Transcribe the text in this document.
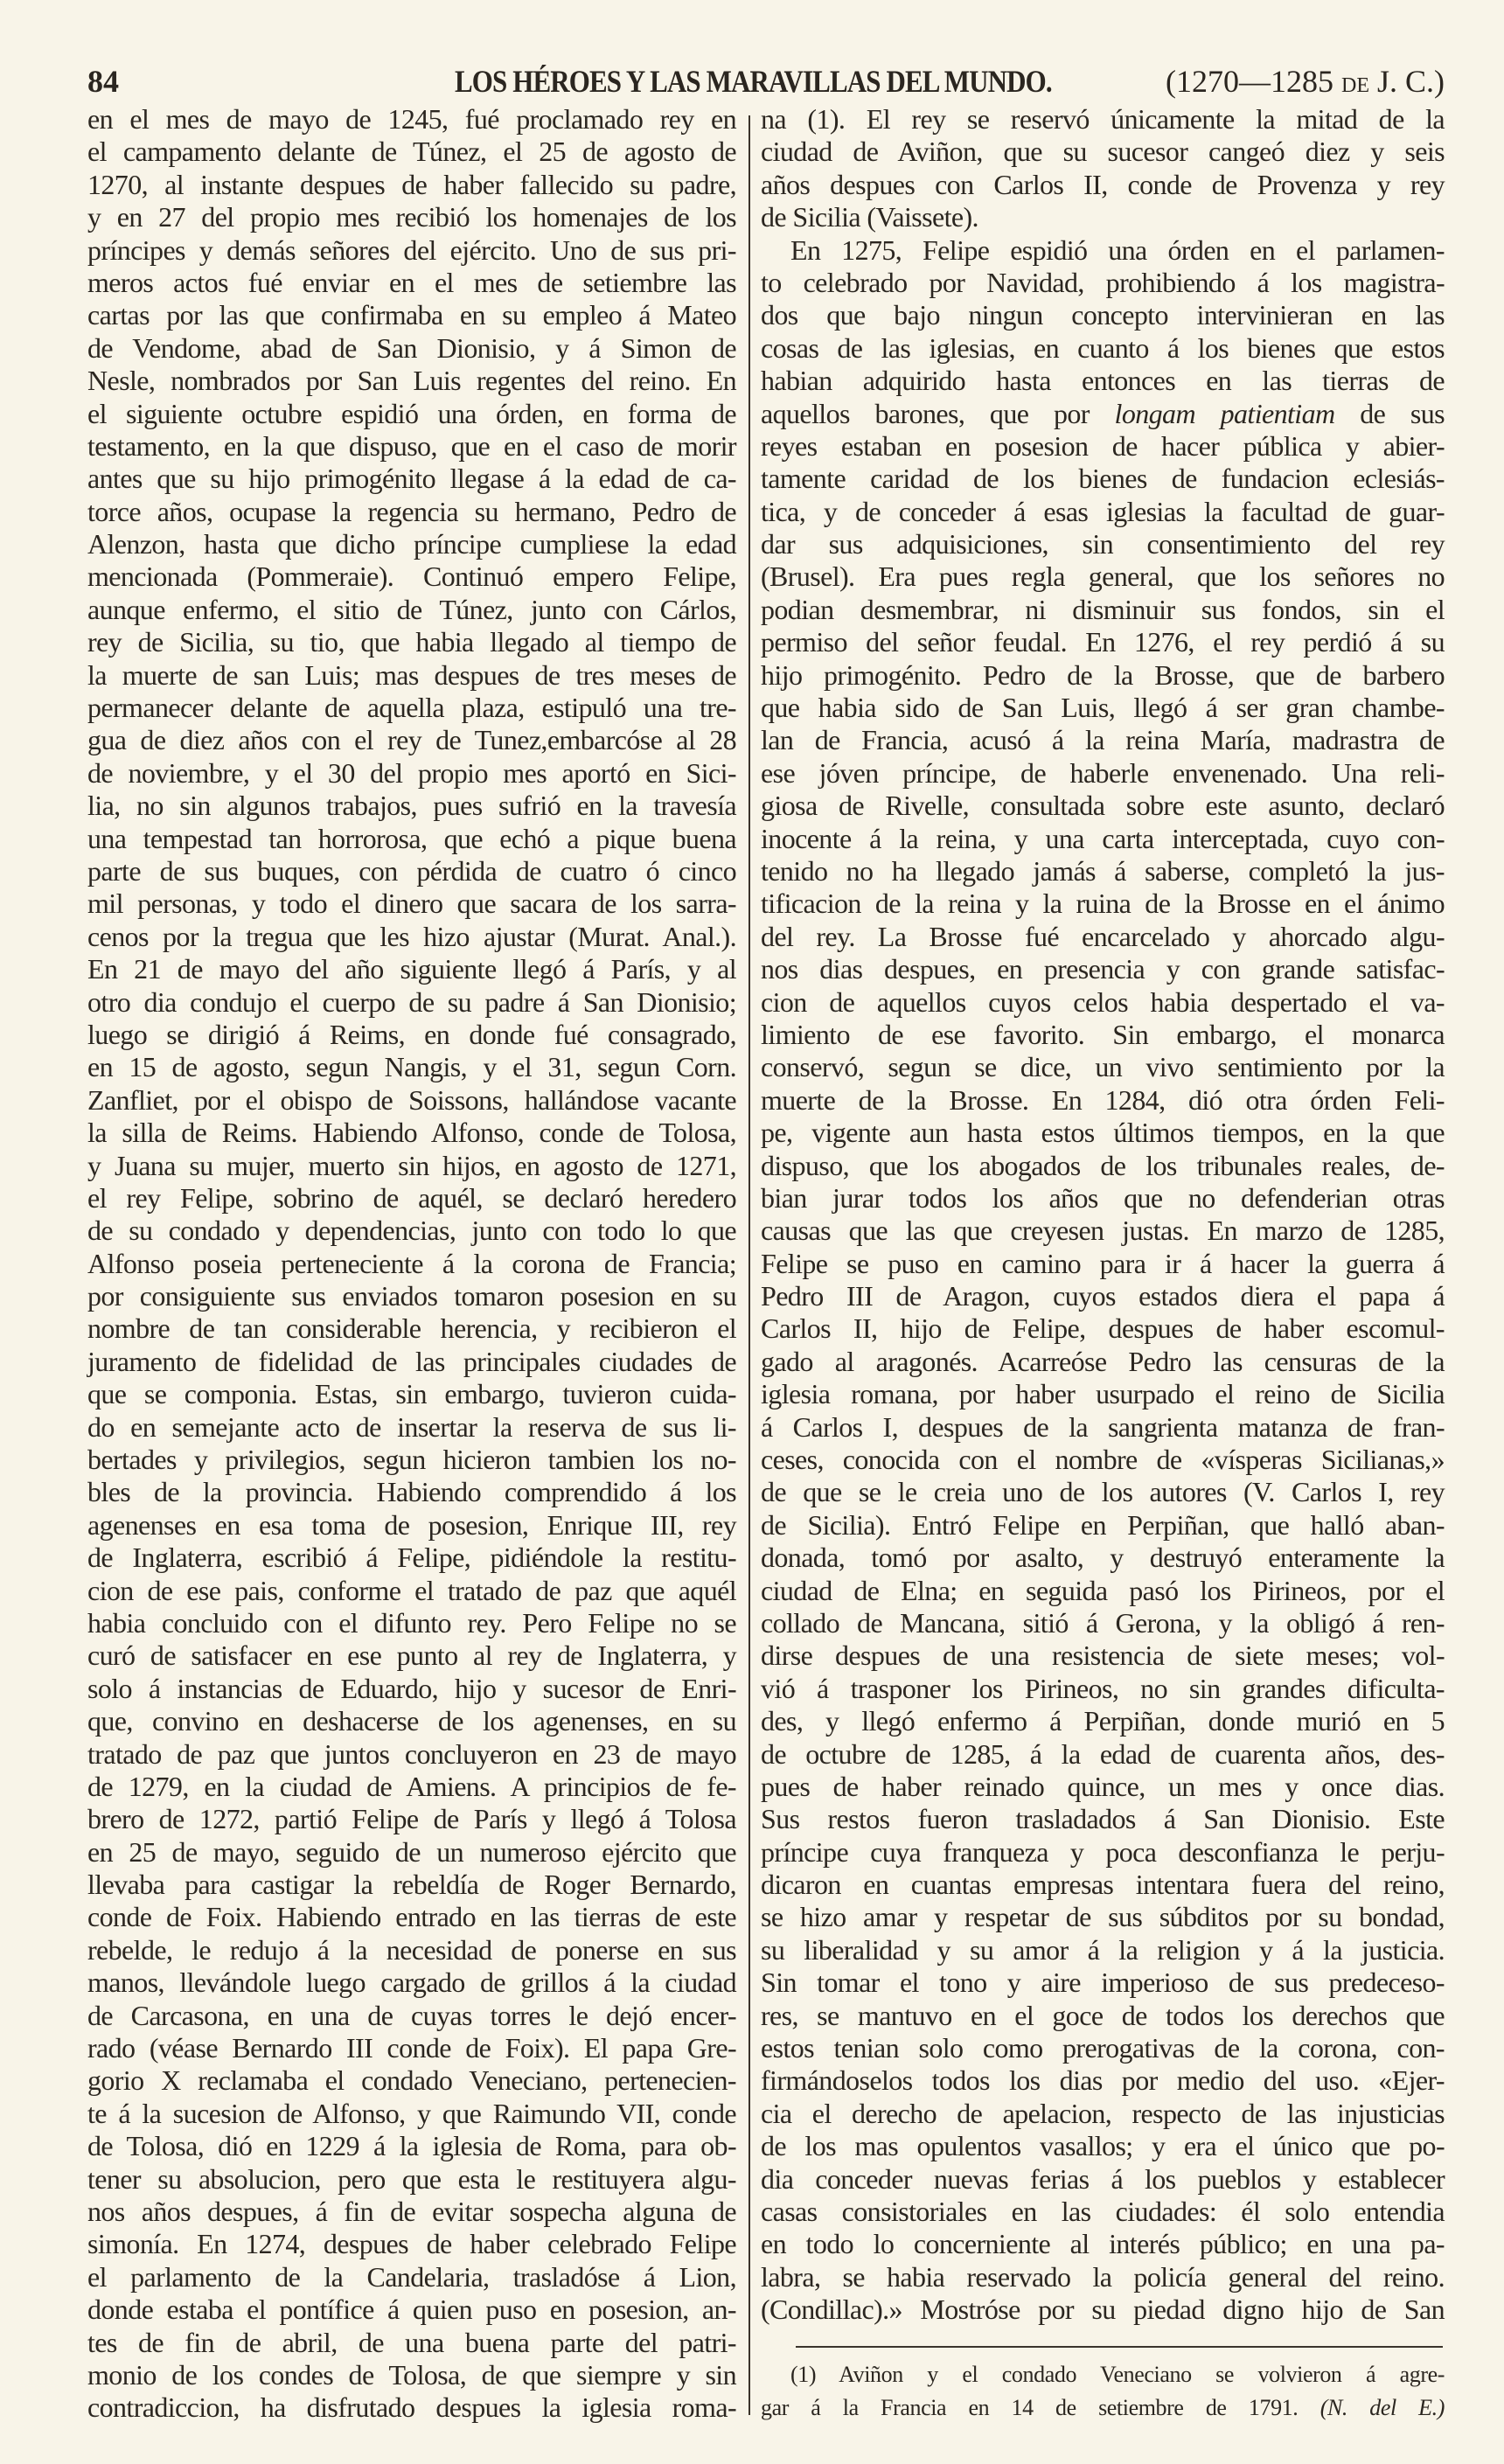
84	LOS HÉROES Y LAS MARAVILLAS DEL MUNDO.	(1270—1285 DE J. C.)
en el mes de mayo de 1245, fué proclamado rey en
el campamento delante de Túnez, el 25 de agosto de
1270, al instante despues de haber fallecido su padre,
y en 27 del propio mes recibió los homenajes de los
príncipes y demás señores del ejército. Uno de sus pri-
meros actos fué enviar en el mes de setiembre las
cartas por las que confirmaba en su empleo á Mateo
de Vendome, abad de San Dionisio, y á Simon de
Nesle, nombrados por San Luis regentes del reino. En
el siguiente octubre espidió una órden, en forma de
testamento, en la que dispuso, que en el caso de morir
antes que su hijo primogénito llegase á la edad de ca-
torce años, ocupase la regencia su hermano, Pedro de
Alenzon, hasta que dicho príncipe cumpliese la edad
mencionada (Pommeraie). Continuó empero Felipe,
aunque enfermo, el sitio de Túnez, junto con Cárlos,
rey de Sicilia, su tio, que habia llegado al tiempo de
la muerte de san Luis; mas despues de tres meses de
permanecer delante de aquella plaza, estipuló una tre-
gua de diez años con el rey de Tunez,embarcóse al 28
de noviembre, y el 30 del propio mes aportó en Sici-
lia, no sin algunos trabajos, pues sufrió en la travesía
una tempestad tan horrorosa, que echó a pique buena
parte de sus buques, con pérdida de cuatro ó cinco
mil personas, y todo el dinero que sacara de los sarra-
cenos por la tregua que les hizo ajustar (Murat. Anal.).
En 21 de mayo del año siguiente llegó á París, y al
otro dia condujo el cuerpo de su padre á San Dionisio;
luego se dirigió á Reims, en donde fué consagrado,
en 15 de agosto, segun Nangis, y el 31, segun Corn.
Zanfliet, por el obispo de Soissons, hallándose vacante
la silla de Reims. Habiendo Alfonso, conde de Tolosa,
y Juana su mujer, muerto sin hijos, en agosto de 1271,
el rey Felipe, sobrino de aquél, se declaró heredero
de su condado y dependencias, junto con todo lo que
Alfonso poseia perteneciente á la corona de Francia;
por consiguiente sus enviados tomaron posesion en su
nombre de tan considerable herencia, y recibieron el
juramento de fidelidad de las principales ciudades de
que se componia. Estas, sin embargo, tuvieron cuida-
do en semejante acto de insertar la reserva de sus li-
bertades y privilegios, segun hicieron tambien los no-
bles de la provincia. Habiendo comprendido á los
agenenses en esa toma de posesion, Enrique III, rey
de Inglaterra, escribió á Felipe, pidiéndole la restitu-
cion de ese pais, conforme el tratado de paz que aquél
habia concluido con el difunto rey. Pero Felipe no se
curó de satisfacer en ese punto al rey de Inglaterra, y
solo á instancias de Eduardo, hijo y sucesor de Enri-
que, convino en deshacerse de los agenenses, en su
tratado de paz que juntos concluyeron en 23 de mayo
de 1279, en la ciudad de Amiens. A principios de fe-
brero de 1272, partió Felipe de París y llegó á Tolosa
en 25 de mayo, seguido de un numeroso ejército que
llevaba para castigar la rebeldía de Roger Bernardo,
conde de Foix. Habiendo entrado en las tierras de este
rebelde, le redujo á la necesidad de ponerse en sus
manos, llevándole luego cargado de grillos á la ciudad
de Carcasona, en una de cuyas torres le dejó encer-
rado (véase Bernardo III conde de Foix). El papa Gre-
gorio X reclamaba el condado Veneciano, pertenecien-
te á la sucesion de Alfonso, y que Raimundo VII, conde
de Tolosa, dió en 1229 á la iglesia de Roma, para ob-
tener su absolucion, pero que esta le restituyera algu-
nos años despues, á fin de evitar sospecha alguna de
simonía. En 1274, despues de haber celebrado Felipe
el parlamento de la Candelaria, trasladóse á Lion,
donde estaba el pontífice á quien puso en posesion, an-
tes de fin de abril, de una buena parte del patri-
monio de los condes de Tolosa, de que siempre y sin
contradiccion, ha disfrutado despues la iglesia roma-
na (1). El rey se reservó únicamente la mitad de la
ciudad de Aviñon, que su sucesor cangeó diez y seis
años despues con Carlos II, conde de Provenza y rey
de Sicilia (Vaissete).
En 1275, Felipe espidió una órden en el parlamen-
to celebrado por Navidad, prohibiendo á los magistra-
dos que bajo ningun concepto intervinieran en las
cosas de las iglesias, en cuanto á los bienes que estos
habian adquirido hasta entonces en las tierras de
aquellos barones, que por longam patientiam de sus
reyes estaban en posesion de hacer pública y abier-
tamente caridad de los bienes de fundacion eclesiás-
tica, y de conceder á esas iglesias la facultad de guar-
dar sus adquisiciones, sin consentimiento del rey
(Brusel). Era pues regla general, que los señores no
podian desmembrar, ni disminuir sus fondos, sin el
permiso del señor feudal. En 1276, el rey perdió á su
hijo primogénito. Pedro de la Brosse, que de barbero
que habia sido de San Luis, llegó á ser gran chambe-
lan de Francia, acusó á la reina María, madrastra de
ese jóven príncipe, de haberle envenenado. Una reli-
giosa de Rivelle, consultada sobre este asunto, declaró
inocente á la reina, y una carta interceptada, cuyo con-
tenido no ha llegado jamás á saberse, completó la jus-
tificacion de la reina y la ruina de la Brosse en el ánimo
del rey. La Brosse fué encarcelado y ahorcado algu-
nos dias despues, en presencia y con grande satisfac-
cion de aquellos cuyos celos habia despertado el va-
limiento de ese favorito. Sin embargo, el monarca
conservó, segun se dice, un vivo sentimiento por la
muerte de la Brosse. En 1284, dió otra órden Feli-
pe, vigente aun hasta estos últimos tiempos, en la que
dispuso, que los abogados de los tribunales reales, de-
bian jurar todos los años que no defenderian otras
causas que las que creyesen justas. En marzo de 1285,
Felipe se puso en camino para ir á hacer la guerra á
Pedro III de Aragon, cuyos estados diera el papa á
Carlos II, hijo de Felipe, despues de haber escomul-
gado al aragonés. Acarreóse Pedro las censuras de la
iglesia romana, por haber usurpado el reino de Sicilia
á Carlos I, despues de la sangrienta matanza de fran-
ceses, conocida con el nombre de «vísperas Sicilianas,»
de que se le creia uno de los autores (V. Carlos I, rey
de Sicilia). Entró Felipe en Perpiñan, que halló aban-
donada, tomó por asalto, y destruyó enteramente la
ciudad de Elna; en seguida pasó los Pirineos, por el
collado de Mancana, sitió á Gerona, y la obligó á ren-
dirse despues de una resistencia de siete meses; vol-
vió á trasponer los Pirineos, no sin grandes dificulta-
des, y llegó enfermo á Perpiñan, donde murió en 5
de octubre de 1285, á la edad de cuarenta años, des-
pues de haber reinado quince, un mes y once dias.
Sus restos fueron trasladados á San Dionisio. Este
príncipe cuya franqueza y poca desconfianza le perju-
dicaron en cuantas empresas intentara fuera del reino,
se hizo amar y respetar de sus súbditos por su bondad,
su liberalidad y su amor á la religion y á la justicia.
Sin tomar el tono y aire imperioso de sus predeceso-
res, se mantuvo en el goce de todos los derechos que
estos tenian solo como prerogativas de la corona, con-
firmándoselos todos los dias por medio del uso. «Ejer-
cia el derecho de apelacion, respecto de las injusticias
de los mas opulentos vasallos; y era el único que po-
dia conceder nuevas ferias á los pueblos y establecer
casas consistoriales en las ciudades: él solo entendia
en todo lo concerniente al interés público; en una pa-
labra, se habia reservado la policía general del reino.
(Condillac).» Mostróse por su piedad digno hijo de San
(1) Aviñon y el condado Veneciano se volvieron á agre-
gar á la Francia en 14 de setiembre de 1791. (N. del E.)
